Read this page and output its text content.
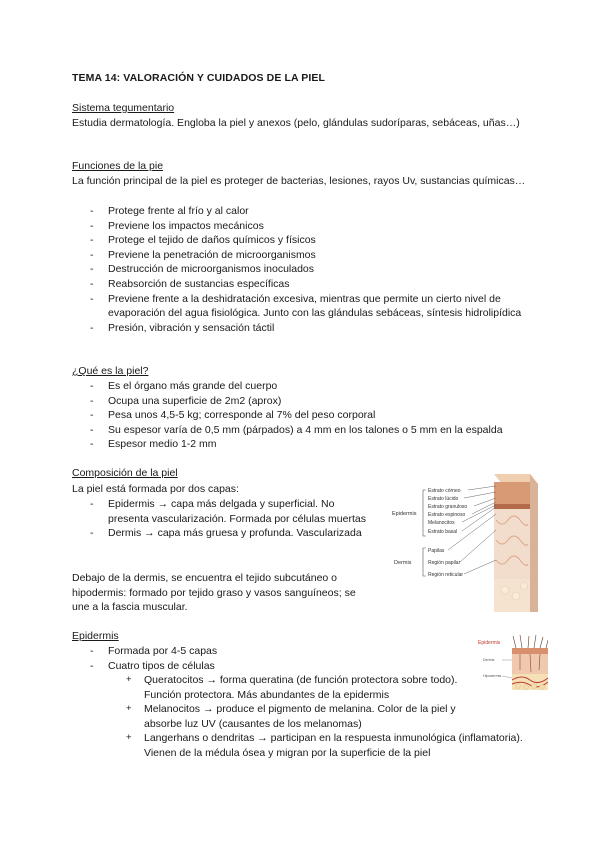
TEMA 14: VALORACIÓN Y CUIDADOS DE LA PIEL
Sistema tegumentario
Estudia dermatología. Engloba la piel y anexos (pelo, glándulas sudoríparas, sebáceas, uñas…)
Funciones de la pie
La función principal de la piel es proteger de bacterias, lesiones, rayos Uv, sustancias químicas…
- Protege frente al frío y al calor
- Previene los impactos mecánicos
- Protege el tejido de daños químicos y físicos
- Previene la penetración de microorganismos
- Destrucción de microorganismos inoculados
- Reabsorción de sustancias específicas
- Previene frente a la deshidratación excesiva, mientras que permite un cierto nivel de evaporación del agua fisiológica. Junto con las glándulas sebáceas, síntesis hidrolipídica
- Presión, vibración y sensación táctil
¿Qué es la piel?
- Es el órgano más grande del cuerpo
- Ocupa una superficie de 2m2 (aprox)
- Pesa unos 4,5-5 kg; corresponde al 7% del peso corporal
- Su espesor varía de 0,5 mm (párpados) a 4 mm en los talones o 5 mm en la espalda
- Espesor medio 1-2 mm
Composición de la piel
La piel está formada por dos capas:
- Epidermis → capa más delgada y superficial. No presenta vascularización. Formada por células muertas
- Dermis → capa más gruesa y profunda. Vascularizada
Debajo de la dermis, se encuentra el tejido subcutáneo o hipodermis: formado por tejido graso y vasos sanguíneos; se une a la fascia muscular.
Epidermis
Dermis
Estrato córneo
Estrato lúcido
Estrato granuloso
Estrato espinoso
Melanocitos
Estrato basal
Papilas
Región papilar
Región reticular
Epidermis
- Formada por 4-5 capas
- Cuatro tipos de células
+ Queratocitos → forma queratina (de función protectora sobre todo). Función protectora. Más abundantes de la epidermis
+ Melanocitos → produce el pigmento de melanina. Color de la piel y absorbe luz UV (causantes de los melanomas)
+ Langerhans o dendritas → participan en la respuesta inmunológica (inflamatoria). Vienen de la médula ósea y migran por la superficie de la piel
Epidermis
Dermis
Hipodermis
